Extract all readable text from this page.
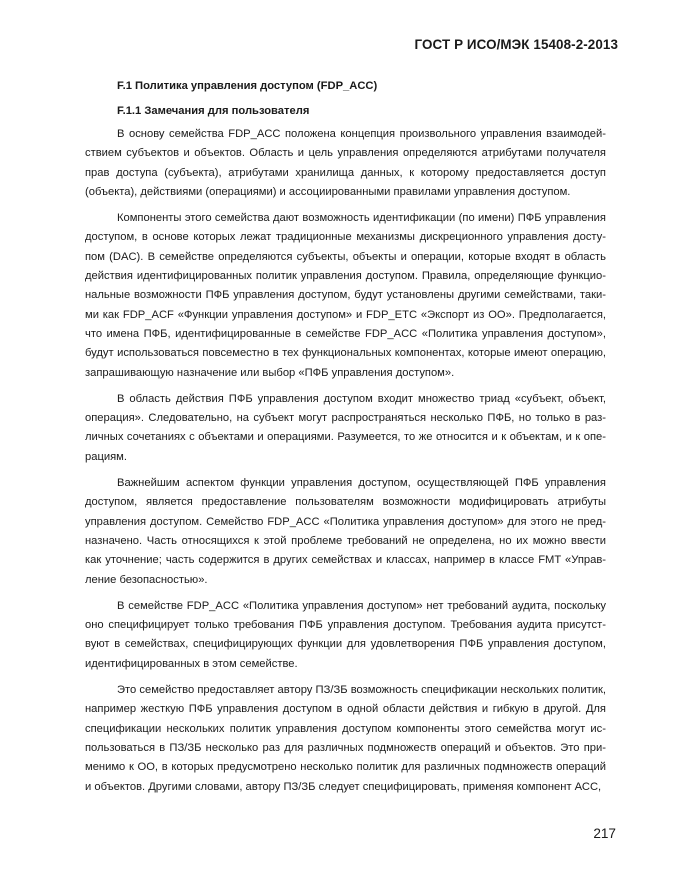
ГОСТ Р ИСО/МЭК 15408-2-2013
F.1 Политика управления доступом (FDP_ACC)
F.1.1 Замечания для пользователя
В основу семейства FDP_ACC положена концепция произвольного управления взаимодей-
ствием субъектов и объектов. Область и цель управления определяются атрибутами получателя
прав доступа (субъекта), атрибутами хранилища данных, к которому предоставляется доступ
(объекта), действиями (операциями) и ассоциированными правилами управления доступом.
Компоненты этого семейства дают возможность идентификации (по имени) ПФБ управления
доступом, в основе которых лежат традиционные механизмы дискреционного управления досту-
пом (DAC). В семействе определяются субъекты, объекты и операции, которые входят в область
действия идентифицированных политик управления доступом. Правила, определяющие функцио-
нальные возможности ПФБ управления доступом, будут установлены другими семействами, таки-
ми как FDP_ACF «Функции управления доступом» и FDP_ETC «Экспорт из ОО». Предполагается,
что имена ПФБ, идентифицированные в семействе FDP_ACC «Политика управления доступом»,
будут использоваться повсеместно в тех функциональных компонентах, которые имеют операцию,
запрашивающую назначение или выбор «ПФБ управления доступом».
В область действия ПФБ управления доступом входит множество триад «субъект, объект,
операция». Следовательно, на субъект могут распространяться несколько ПФБ, но только в раз-
личных сочетаниях с объектами и операциями. Разумеется, то же относится и к объектам, и к опе-
рациям.
Важнейшим аспектом функции управления доступом, осуществляющей ПФБ управления
доступом, является предоставление пользователям возможности модифицировать атрибуты
управления доступом. Семейство FDP_ACC «Политика управления доступом» для этого не пред-
назначено. Часть относящихся к этой проблеме требований не определена, но их можно ввести
как уточнение; часть содержится в других семействах и классах, например в классе FMT «Управ-
ление безопасностью».
В семействе FDP_ACC «Политика управления доступом» нет требований аудита, поскольку
оно специфицирует только требования ПФБ управления доступом. Требования аудита присутст-
вуют в семействах, специфицирующих функции для удовлетворения ПФБ управления доступом,
идентифицированных в этом семействе.
Это семейство предоставляет автору ПЗ/ЗБ возможность спецификации нескольких политик,
например жесткую ПФБ управления доступом в одной области действия и гибкую в другой. Для
спецификации нескольких политик управления доступом компоненты этого семейства могут ис-
пользоваться в ПЗ/ЗБ несколько раз для различных подмножеств операций и объектов. Это при-
менимо к ОО, в которых предусмотрено несколько политик для различных подмножеств операций
и объектов. Другими словами, автору ПЗ/ЗБ следует специфицировать, применяя компонент АСС,
217
